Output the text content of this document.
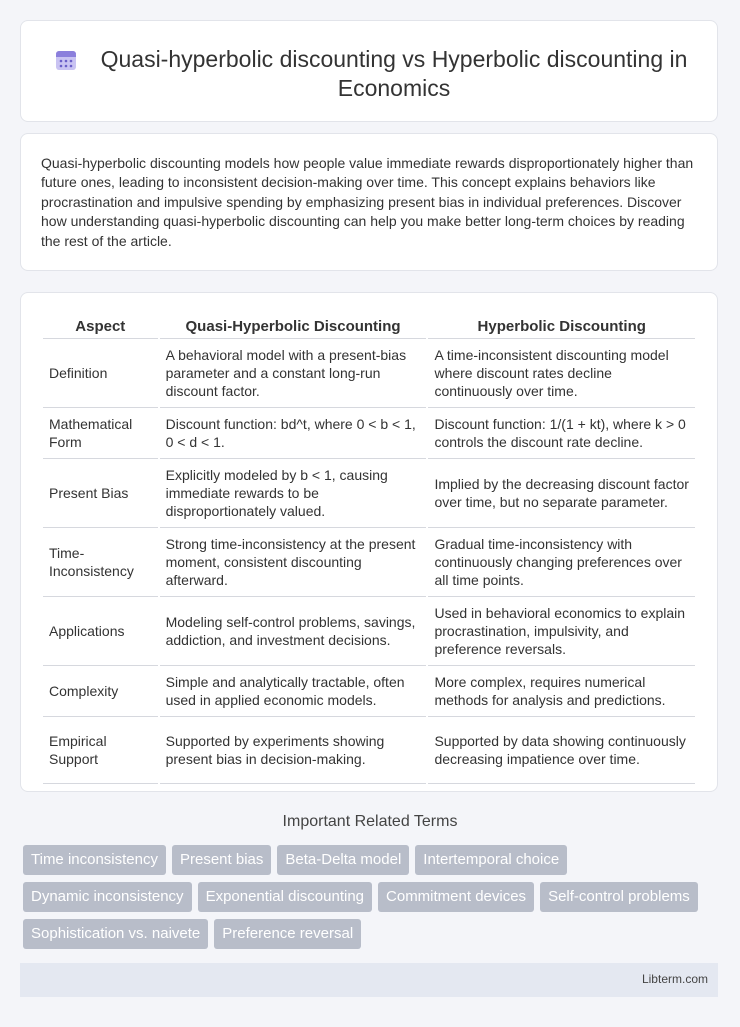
Quasi-hyperbolic discounting vs Hyperbolic discounting in Economics

Quasi-hyperbolic discounting models how people value immediate rewards disproportionately higher than future ones, leading to inconsistent decision-making over time. This concept explains behaviors like procrastination and impulsive spending by emphasizing present bias in individual preferences. Discover how understanding quasi-hyperbolic discounting can help you make better long-term choices by reading the rest of the article.

Aspect	Quasi-Hyperbolic Discounting	Hyperbolic Discounting
Definition	A behavioral model with a present-bias parameter and a constant long-run discount factor.	A time-inconsistent discounting model where discount rates decline continuously over time.
Mathematical Form	Discount function: bd^t, where 0 < b < 1, 0 < d < 1.	Discount function: 1/(1 + kt), where k > 0 controls the discount rate decline.
Present Bias	Explicitly modeled by b < 1, causing immediate rewards to be disproportionately valued.	Implied by the decreasing discount factor over time, but no separate parameter.
Time-Inconsistency	Strong time-inconsistency at the present moment, consistent discounting afterward.	Gradual time-inconsistency with continuously changing preferences over all time points.
Applications	Modeling self-control problems, savings, addiction, and investment decisions.	Used in behavioral economics to explain procrastination, impulsivity, and preference reversals.
Complexity	Simple and analytically tractable, often used in applied economic models.	More complex, requires numerical methods for analysis and predictions.
Empirical Support	Supported by experiments showing present bias in decision-making.	Supported by data showing continuously decreasing impatience over time.
Important Related Terms
Time inconsistency	Present bias	Beta-Delta model	Intertemporal choice
Dynamic inconsistency	Exponential discounting	Commitment devices	Self-control problems
Sophistication vs. naivete	Preference reversal
Libterm.com
